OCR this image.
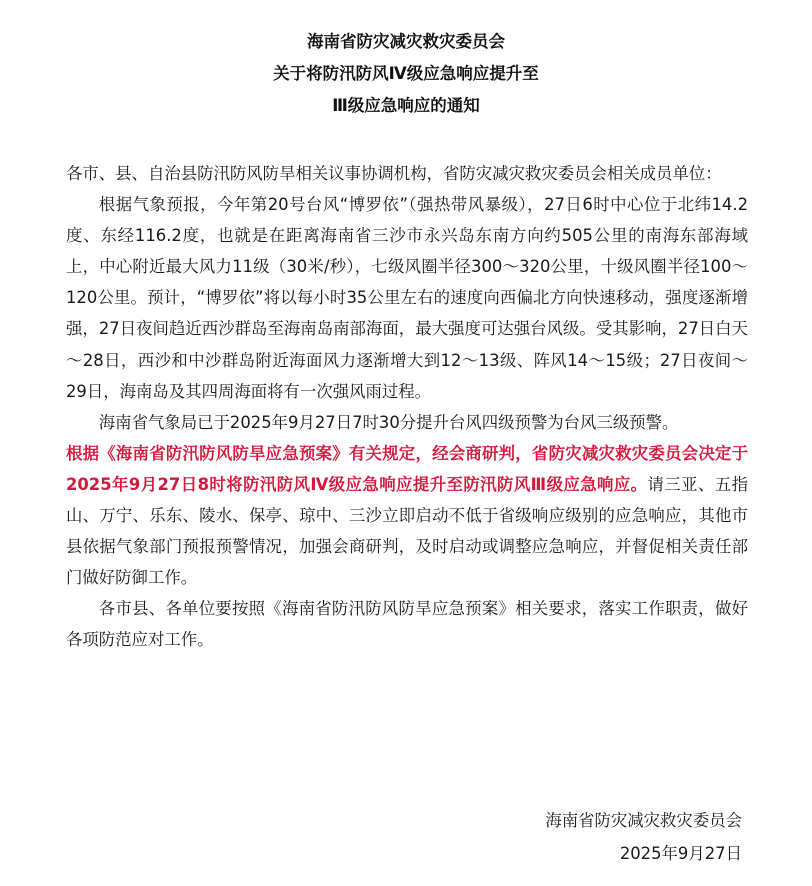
海南省防灾减灾救灾委员会
关于将防汛防风Ⅳ级应急响应提升至
Ⅲ级应急响应的通知

各市、县、自治县防汛防风防旱相关议事协调机构，省防灾减灾救灾委员会相关成员单位：

根据气象预报，今年第20号台风“博罗依”（强热带风暴级），27日6时中心位于北纬14.2度、东经116.2度，也就是在距离海南省三沙市永兴岛东南方向约505公里的南海东部海域上，中心附近最大风力11级（30米/秒），七级风圈半径300～320公里，十级风圈半径100～120公里。预计，“博罗依”将以每小时35公里左右的速度向西偏北方向快速移动，强度逐渐增强，27日夜间趋近西沙群岛至海南岛南部海面，最大强度可达强台风级。受其影响，27日白天～28日，西沙和中沙群岛附近海面风力逐渐增大到12～13级、阵风14～15级；27日夜间～29日，海南岛及其四周海面将有一次强风雨过程。

海南省气象局已于2025年9月27日7时30分提升台风四级预警为台风三级预警。

根据《海南省防汛防风防旱应急预案》有关规定，经会商研判，省防灾减灾救灾委员会决定于2025年9月27日8时将防汛防风Ⅳ级应急响应提升至防汛防风Ⅲ级应急响应。请三亚、五指山、万宁、乐东、陵水、保亭、琼中、三沙立即启动不低于省级响应级别的应急响应，其他市县依据气象部门预报预警情况，加强会商研判，及时启动或调整应急响应，并督促相关责任部门做好防御工作。

各市县、各单位要按照《海南省防汛防风防旱应急预案》相关要求，落实工作职责，做好各项防范应对工作。

海南省防灾减灾救灾委员会
2025年9月27日
